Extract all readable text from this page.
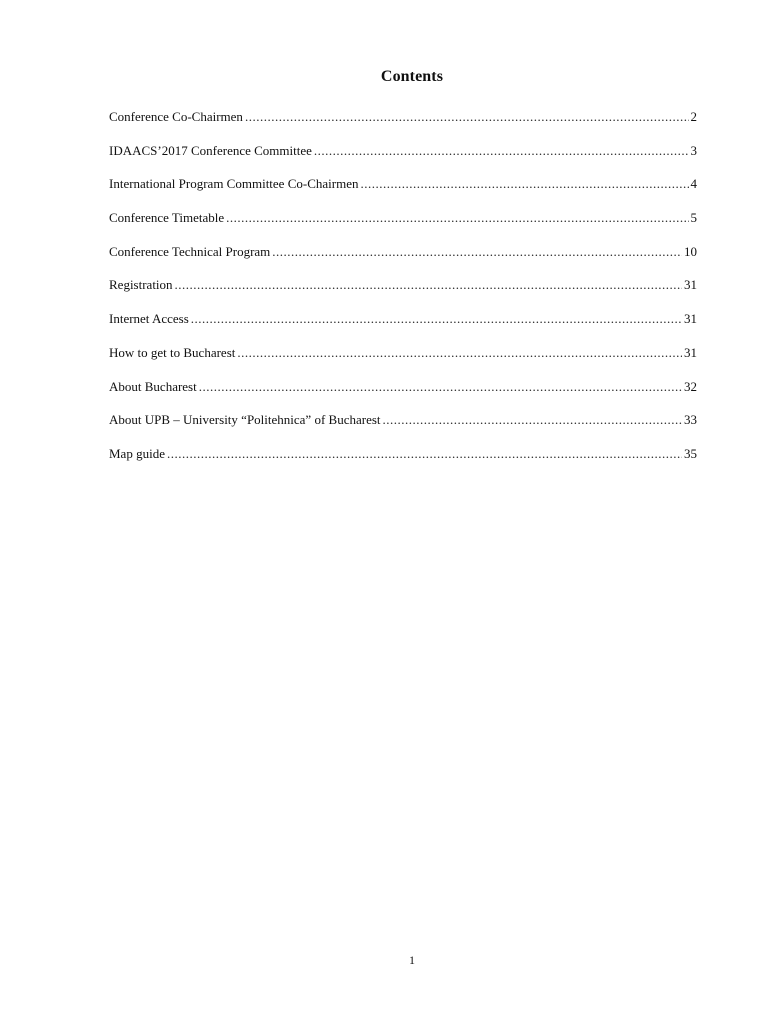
Contents
Conference Co-Chairmen .....	2
IDAACS’2017 Conference Committee .....	3
International Program Committee Co-Chairmen .....	4
Conference Timetable .....	5
Conference Technical Program .....	10
Registration .....	31
Internet Access .....	31
How to get to Bucharest .....	31
About Bucharest .....	32
About UPB – University “Politehnica” of Bucharest .....	33
Map guide .....	35
1
